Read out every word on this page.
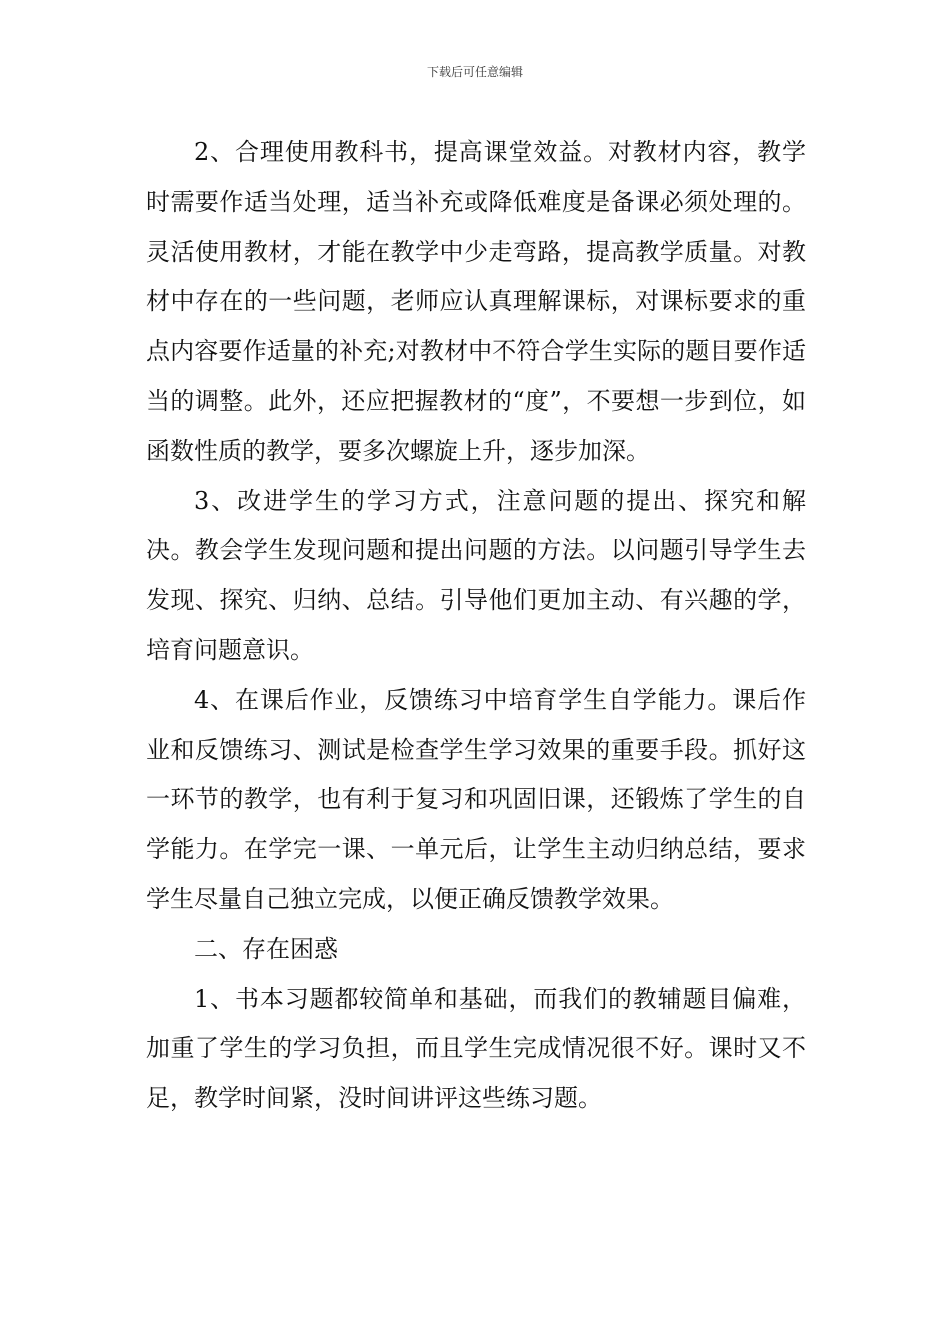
下载后可任意编辑

2、合理使用教科书，提高课堂效益。对教材内容，教学时需要作适当处理，适当补充或降低难度是备课必须处理的。灵活使用教材，才能在教学中少走弯路，提高教学质量。对教材中存在的一些问题，老师应认真理解课标，对课标要求的重点内容要作适量的补充;对教材中不符合学生实际的题目要作适当的调整。此外，还应把握教材的“度”，不要想一步到位，如函数性质的教学，要多次螺旋上升，逐步加深。

3、改进学生的学习方式，注意问题的提出、探究和解决。教会学生发现问题和提出问题的方法。以问题引导学生去发现、探究、归纳、总结。引导他们更加主动、有兴趣的学，培育问题意识。

4、在课后作业，反馈练习中培育学生自学能力。课后作业和反馈练习、测试是检查学生学习效果的重要手段。抓好这一环节的教学，也有利于复习和巩固旧课，还锻炼了学生的自学能力。在学完一课、一单元后，让学生主动归纳总结，要求学生尽量自己独立完成，以便正确反馈教学效果。

二、存在困惑

1、书本习题都较简单和基础，而我们的教辅题目偏难，加重了学生的学习负担，而且学生完成情况很不好。课时又不足，教学时间紧，没时间讲评这些练习题。
